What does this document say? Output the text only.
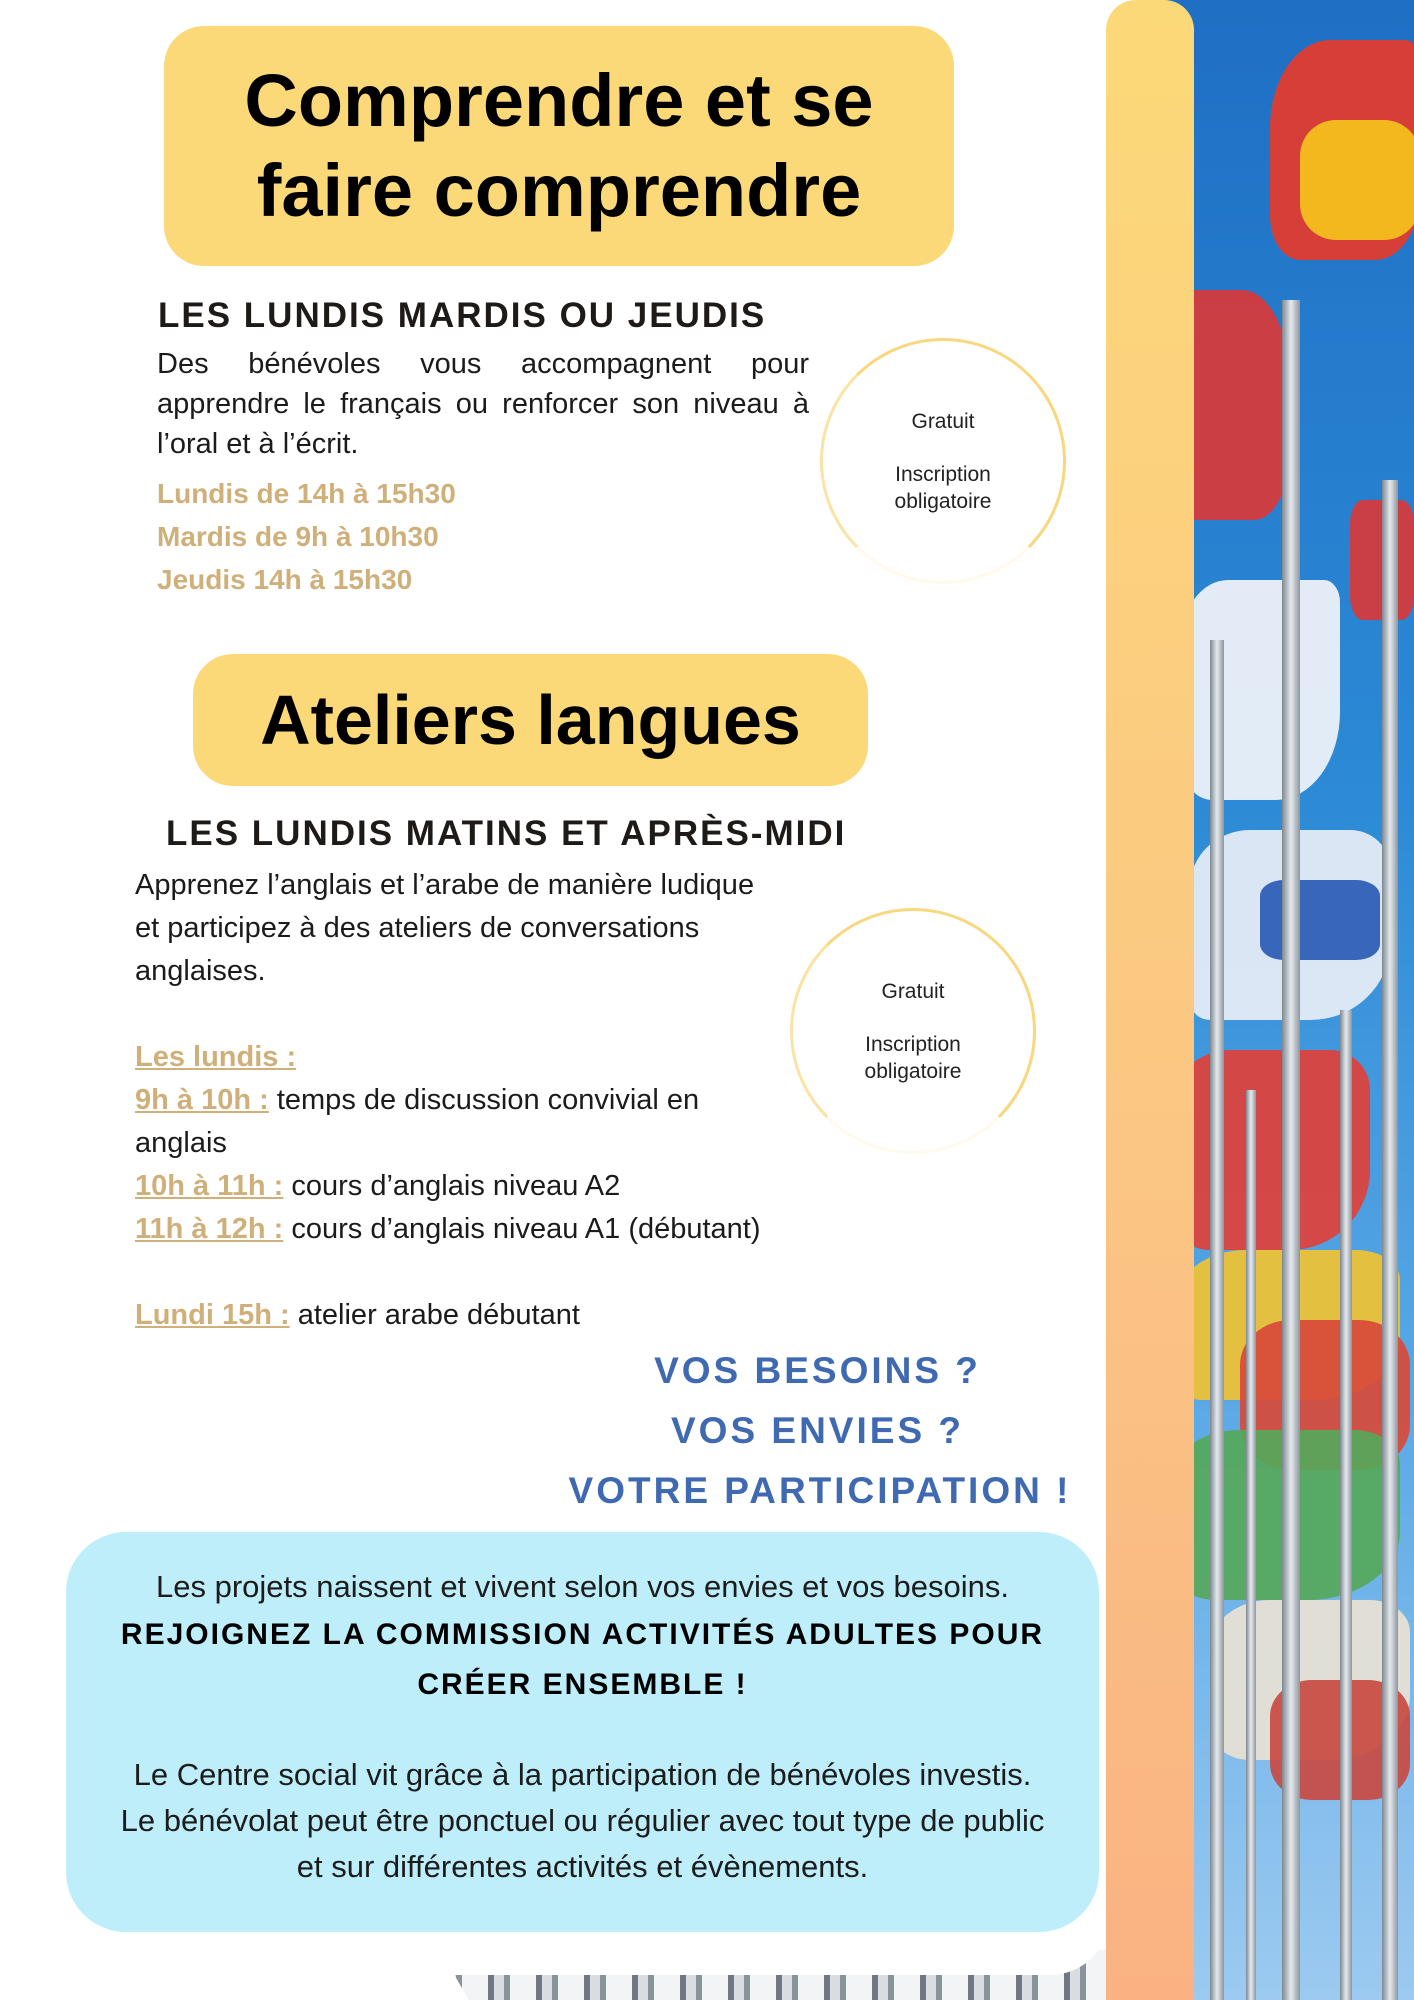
Comprendre et se faire comprendre
LES LUNDIS MARDIS OU JEUDIS
Des bénévoles vous accompagnent pour apprendre le français ou renforcer son niveau à l’oral et à l’écrit.
Lundis de 14h à 15h30
Mardis de 9h à 10h30
Jeudis 14h à 15h30
Gratuit
Inscription obligatoire
Ateliers langues
LES LUNDIS MATINS ET APRÈS-MIDI
Apprenez l’anglais et l’arabe de manière ludique
et participez à des ateliers de conversations
anglaises.
Les lundis :
9h à 10h : temps de discussion convivial en
anglais
10h à 11h : cours d’anglais niveau A2
11h à 12h : cours d’anglais niveau A1 (débutant)
Lundi 15h : atelier arabe débutant
Gratuit
Inscription obligatoire
VOS BESOINS ?
VOS ENVIES ?
VOTRE PARTICIPATION !
Les projets naissent et vivent selon vos envies et vos besoins.
REJOIGNEZ LA COMMISSION ACTIVITÉS ADULTES POUR
CRÉER ENSEMBLE !
Le Centre social vit grâce à la participation de bénévoles investis.
Le bénévolat peut être ponctuel ou régulier avec tout type de public
et sur différentes activités et évènements.
